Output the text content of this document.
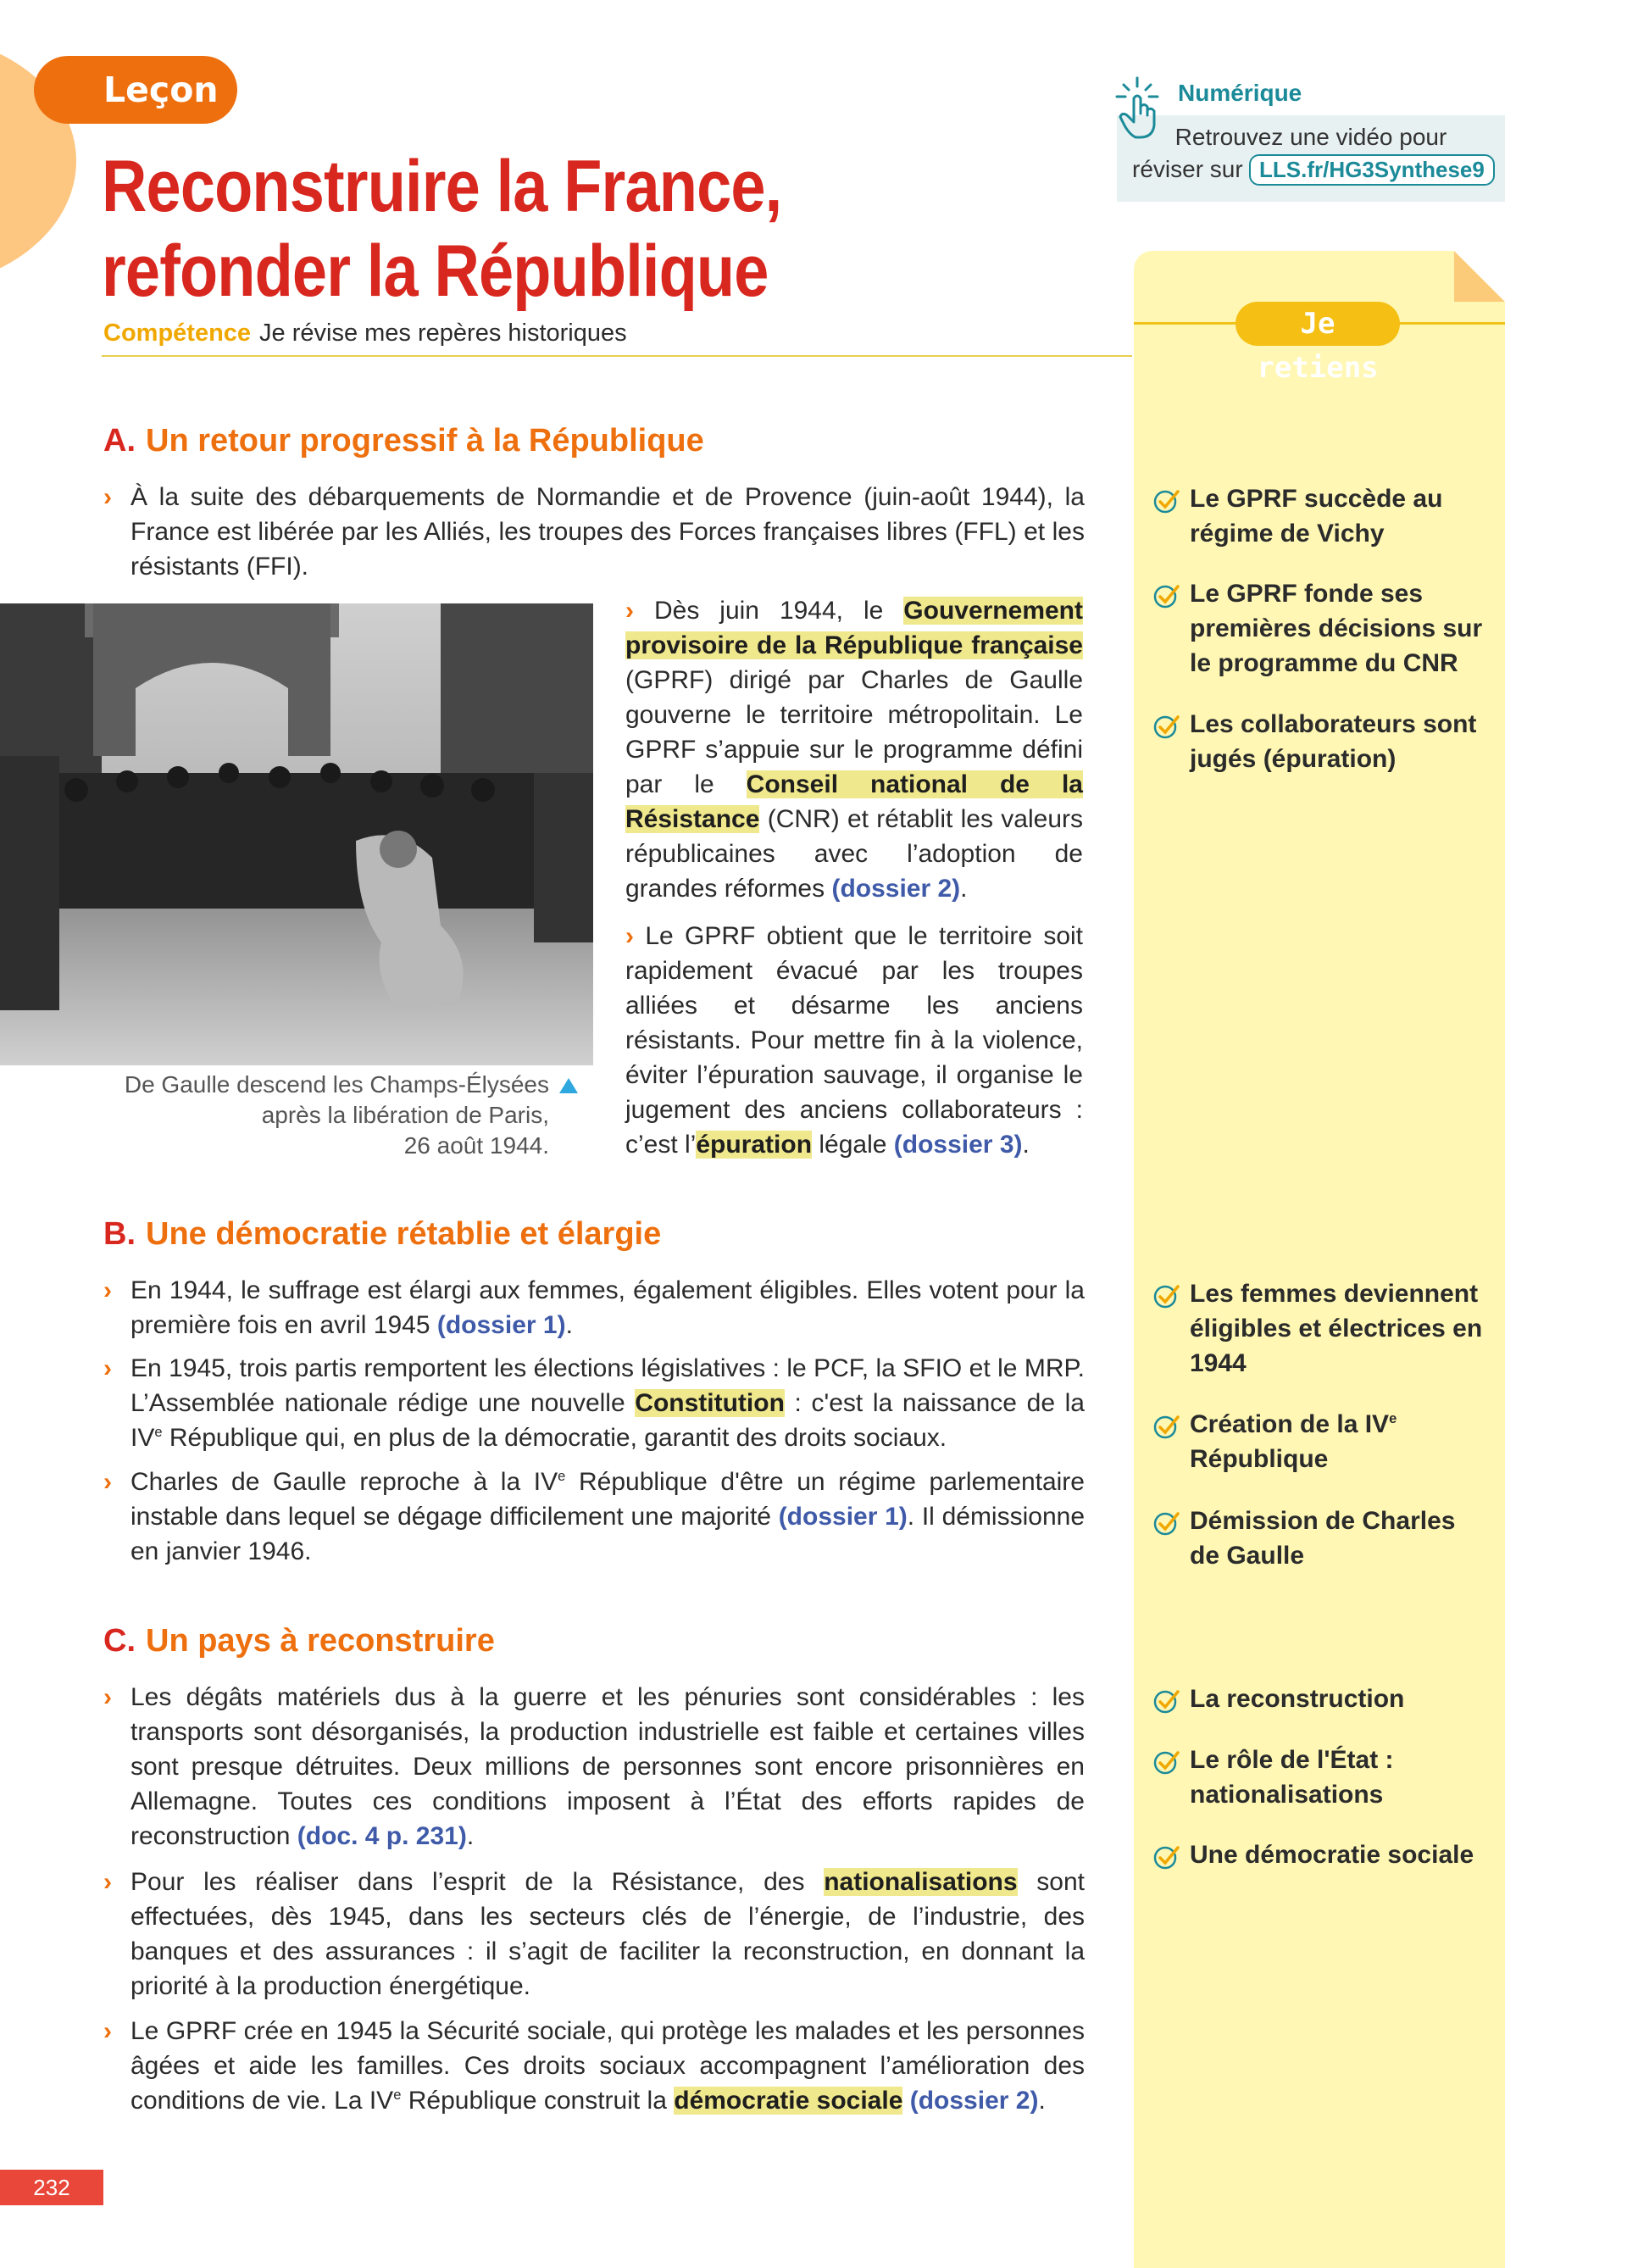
Leçon
Reconstruire la France,
refonder la République
Compétence Je révise mes repères historiques
Numérique
Retrouvez une vidéo pour
réviser sur LLS.fr/HG3Synthese9
Je retiens
Le GPRF succède au régime de Vichy
Le GPRF fonde ses premières décisions sur le programme du CNR
Les collaborateurs sont jugés (épuration)
Les femmes deviennent éligibles et électrices en 1944
Création de la IVe République
Démission de Charles de Gaulle
La reconstruction
Le rôle de l'État : nationalisations
Une démocratie sociale
A. Un retour progressif à la République
› À la suite des débarquements de Normandie et de Provence (juin-août 1944), la France est libérée par les Alliés, les troupes des Forces françaises libres (FFL) et les résistants (FFI).
De Gaulle descend les Champs-Élysées
après la libération de Paris,
26 août 1944.
› Dès juin 1944, le Gouvernement provisoire de la République française (GPRF) dirigé par Charles de Gaulle gouverne le territoire métropolitain. Le GPRF s’appuie sur le programme défini par le Conseil national de la Résistance (CNR) et rétablit les valeurs républicaines avec l’adoption de grandes réformes (dossier 2).
› Le GPRF obtient que le territoire soit rapidement évacué par les troupes alliées et désarme les anciens résistants. Pour mettre fin à la violence, éviter l’épuration sauvage, il organise le jugement des anciens collaborateurs : c’est l’épuration légale (dossier 3).
B. Une démocratie rétablie et élargie
› En 1944, le suffrage est élargi aux femmes, également éligibles. Elles votent pour la première fois en avril 1945 (dossier 1).
› En 1945, trois partis remportent les élections législatives : le PCF, la SFIO et le MRP. L’Assemblée nationale rédige une nouvelle Constitution : c'est la naissance de la IVe République qui, en plus de la démocratie, garantit des droits sociaux.
› Charles de Gaulle reproche à la IVe République d'être un régime parlementaire instable dans lequel se dégage difficilement une majorité (dossier 1). Il démissionne en janvier 1946.
C. Un pays à reconstruire
› Les dégâts matériels dus à la guerre et les pénuries sont considérables : les transports sont désorganisés, la production industrielle est faible et certaines villes sont presque détruites. Deux millions de personnes sont encore prisonnières en Allemagne. Toutes ces conditions imposent à l’État des efforts rapides de reconstruction (doc. 4 p. 231).
› Pour les réaliser dans l’esprit de la Résistance, des nationalisations sont effectuées, dès 1945, dans les secteurs clés de l’énergie, de l’industrie, des banques et des assurances : il s’agit de faciliter la reconstruction, en donnant la priorité à la production énergétique.
› Le GPRF crée en 1945 la Sécurité sociale, qui protège les malades et les personnes âgées et aide les familles. Ces droits sociaux accompagnent l’amélioration des conditions de vie. La IVe République construit la démocratie sociale (dossier 2).
232
